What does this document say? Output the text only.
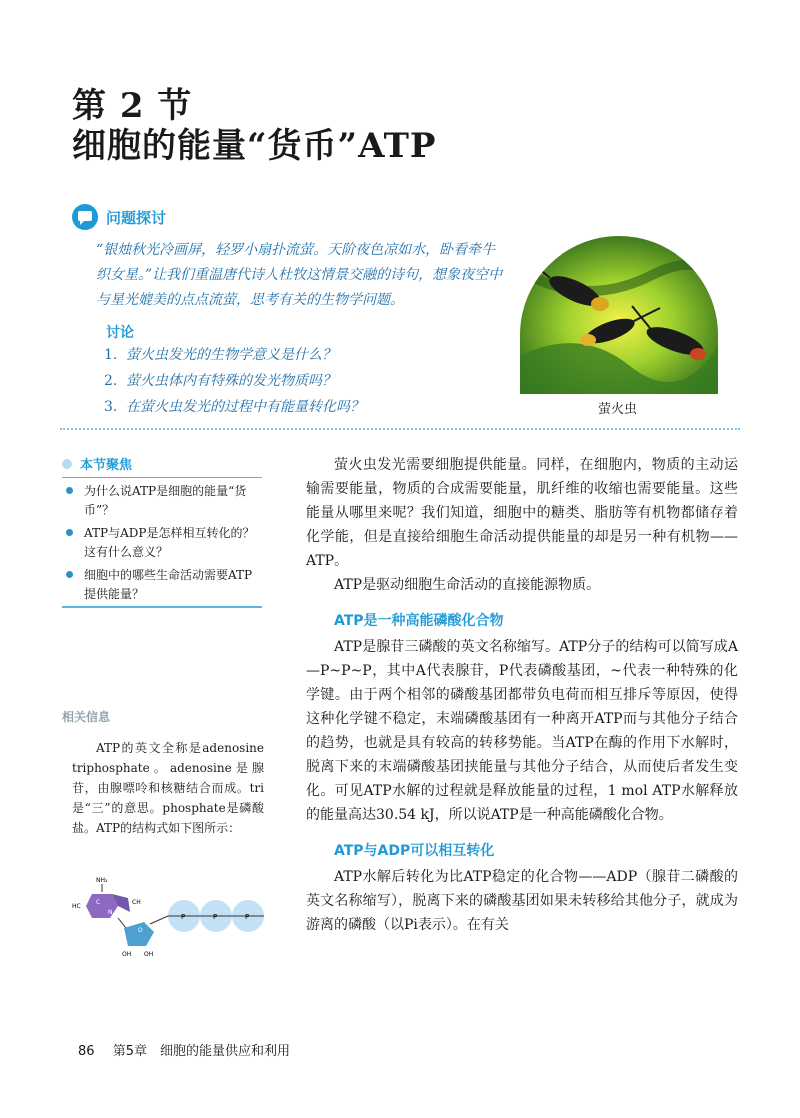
第 2 节
细胞的能量“货币”ATP
问题探讨

“银烛秋光冷画屏，轻罗小扇扑流萤。天阶夜色凉如水，卧看牵牛织女星。”让我们重温唐代诗人杜牧这情景交融的诗句，想象夜空中与星光媲美的点点流萤，思考有关的生物学问题。

讨论
1. 萤火虫发光的生物学意义是什么？
2. 萤火虫体内有特殊的发光物质吗？
3. 在萤火虫发光的过程中有能量转化吗？	萤火虫
本节聚焦
为什么说ATP是细胞的能量“货币”？
ATP与ADP是怎样相互转化的？这有什么意义？
细胞中的哪些生命活动需要ATP提供能量？
相关信息

ATP的英文全称是adenosine triphosphate。adenosine是腺苷，由腺嘌呤和核糖结合而成。tri是“三”的意思。phosphate是磷酸盐。ATP的结构式如下图所示：

NH₂
HC
CH
C
N
O
OH OH
P	P	P

萤火虫发光需要细胞提供能量。同样，在细胞内，物质的主动运输需要能量，物质的合成需要能量，肌纤维的收缩也需要能量。这些能量从哪里来呢？我们知道，细胞中的糖类、脂肪等有机物都储存着化学能，但是直接给细胞生命活动提供能量的却是另一种有机物——ATP。

ATP是驱动细胞生命活动的直接能源物质。

ATP是一种高能磷酸化合物

ATP是腺苷三磷酸的英文名称缩写。ATP分子的结构可以简写成A—P~P~P，其中A代表腺苷，P代表磷酸基团，~代表一种特殊的化学键。由于两个相邻的磷酸基团都带负电荷而相互排斥等原因，使得这种化学键不稳定，末端磷酸基团有一种离开ATP而与其他分子结合的趋势，也就是具有较高的转移势能。当ATP在酶的作用下水解时，脱离下来的末端磷酸基团挟能量与其他分子结合，从而使后者发生变化。可见ATP水解的过程就是释放能量的过程，1 mol ATP水解释放的能量高达30.54 kJ，所以说ATP是一种高能磷酸化合物。

ATP与ADP可以相互转化

ATP水解后转化为比ATP稳定的化合物——ADP（腺苷二磷酸的英文名称缩写），脱离下来的磷酸基团如果未转移给其他分子，就成为游离的磷酸（以Pi表示）。在有关

86 第5章　细胞的能量供应和利用
